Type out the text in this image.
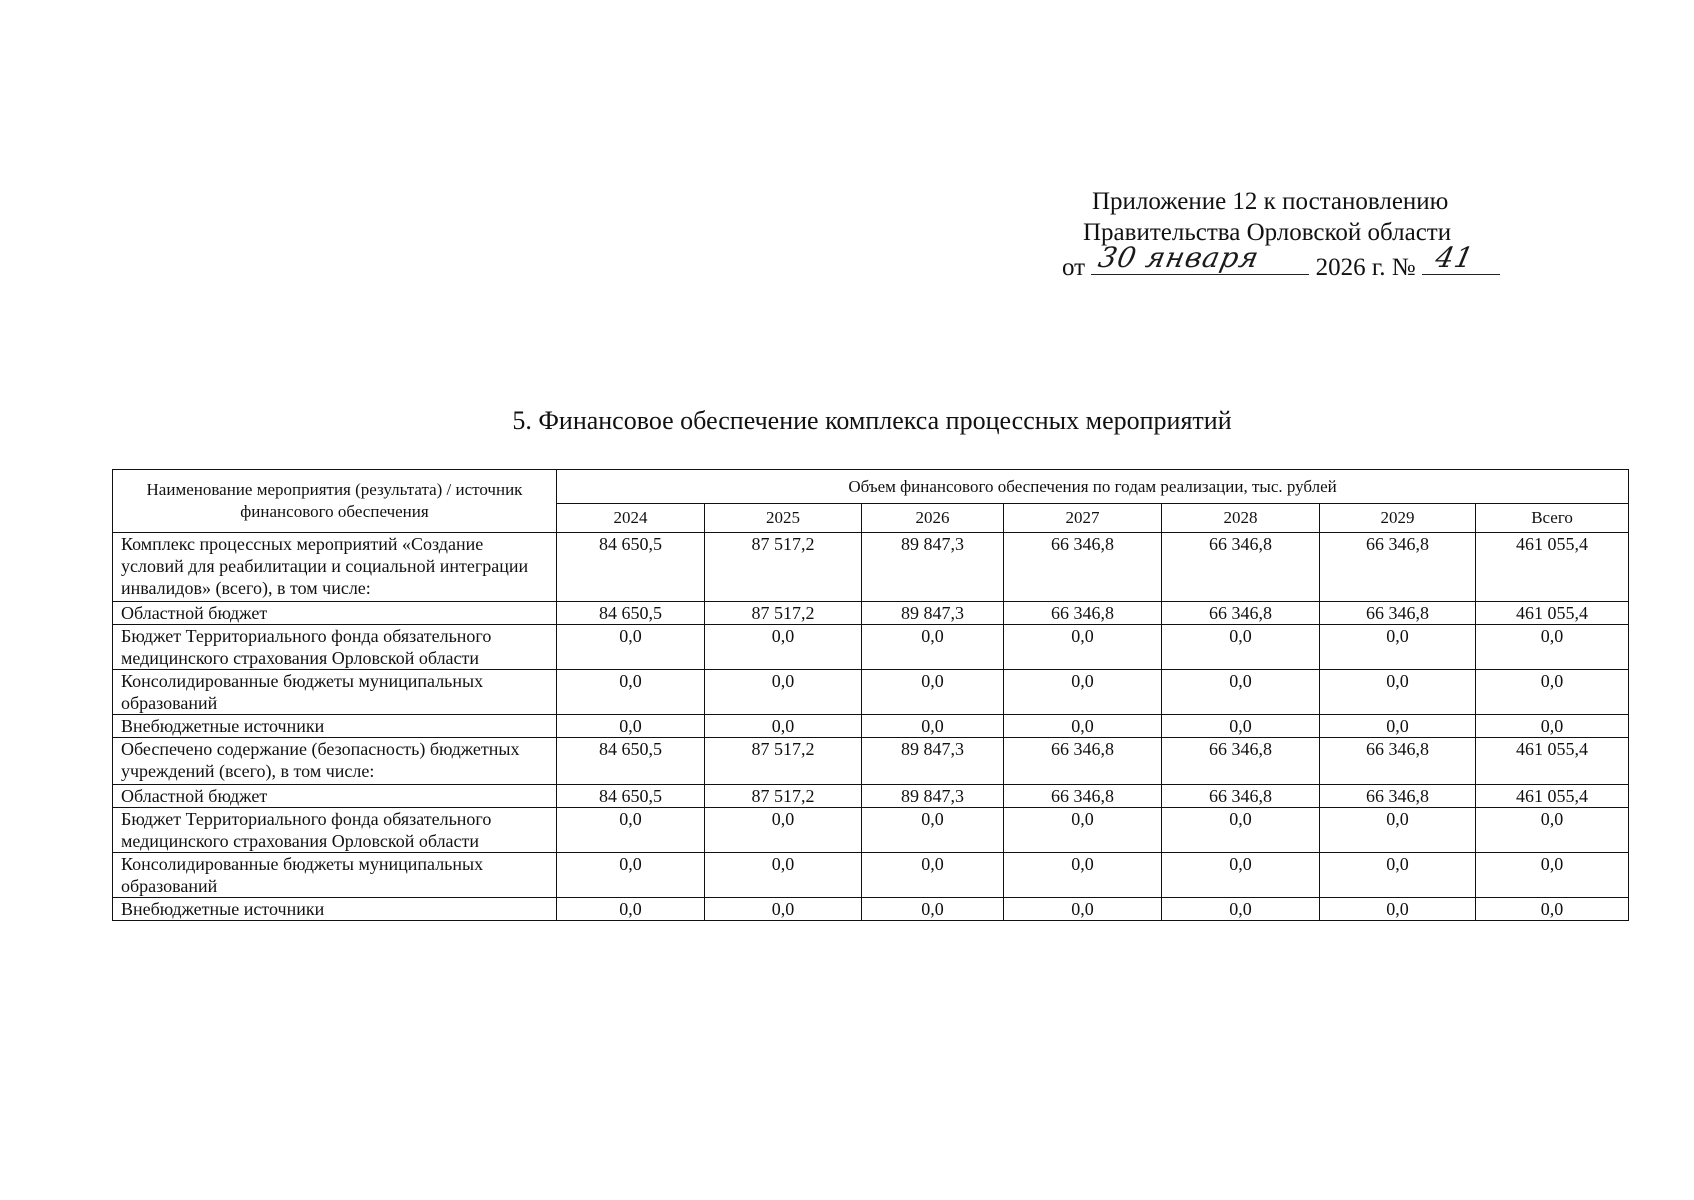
Приложение 12 к постановлению
Правительства Орловской области
от 30 января 2026 г. № 41
5. Финансовое обеспечение комплекса процессных мероприятий
Наименование мероприятия (результата) / источник финансового обеспечения	Объем финансового обеспечения по годам реализации, тыс. рублей						
	2024	2025	2026	2027	2028	2029	Всего
Комплекс процессных мероприятий «Создание условий для реабилитации и социальной интеграции инвалидов» (всего), в том числе:	84 650,5	87 517,2	89 847,3	66 346,8	66 346,8	66 346,8	461 055,4
Областной бюджет	84 650,5	87 517,2	89 847,3	66 346,8	66 346,8	66 346,8	461 055,4
Бюджет Территориального фонда обязательного медицинского страхования Орловской области	0,0	0,0	0,0	0,0	0,0	0,0	0,0
Консолидированные бюджеты муниципальных образований	0,0	0,0	0,0	0,0	0,0	0,0	0,0
Внебюджетные источники	0,0	0,0	0,0	0,0	0,0	0,0	0,0
Обеспечено содержание (безопасность) бюджетных учреждений (всего), в том числе:	84 650,5	87 517,2	89 847,3	66 346,8	66 346,8	66 346,8	461 055,4
Областной бюджет	84 650,5	87 517,2	89 847,3	66 346,8	66 346,8	66 346,8	461 055,4
Бюджет Территориального фонда обязательного медицинского страхования Орловской области	0,0	0,0	0,0	0,0	0,0	0,0	0,0
Консолидированные бюджеты муниципальных образований	0,0	0,0	0,0	0,0	0,0	0,0	0,0
Внебюджетные источники	0,0	0,0	0,0	0,0	0,0	0,0	0,0
